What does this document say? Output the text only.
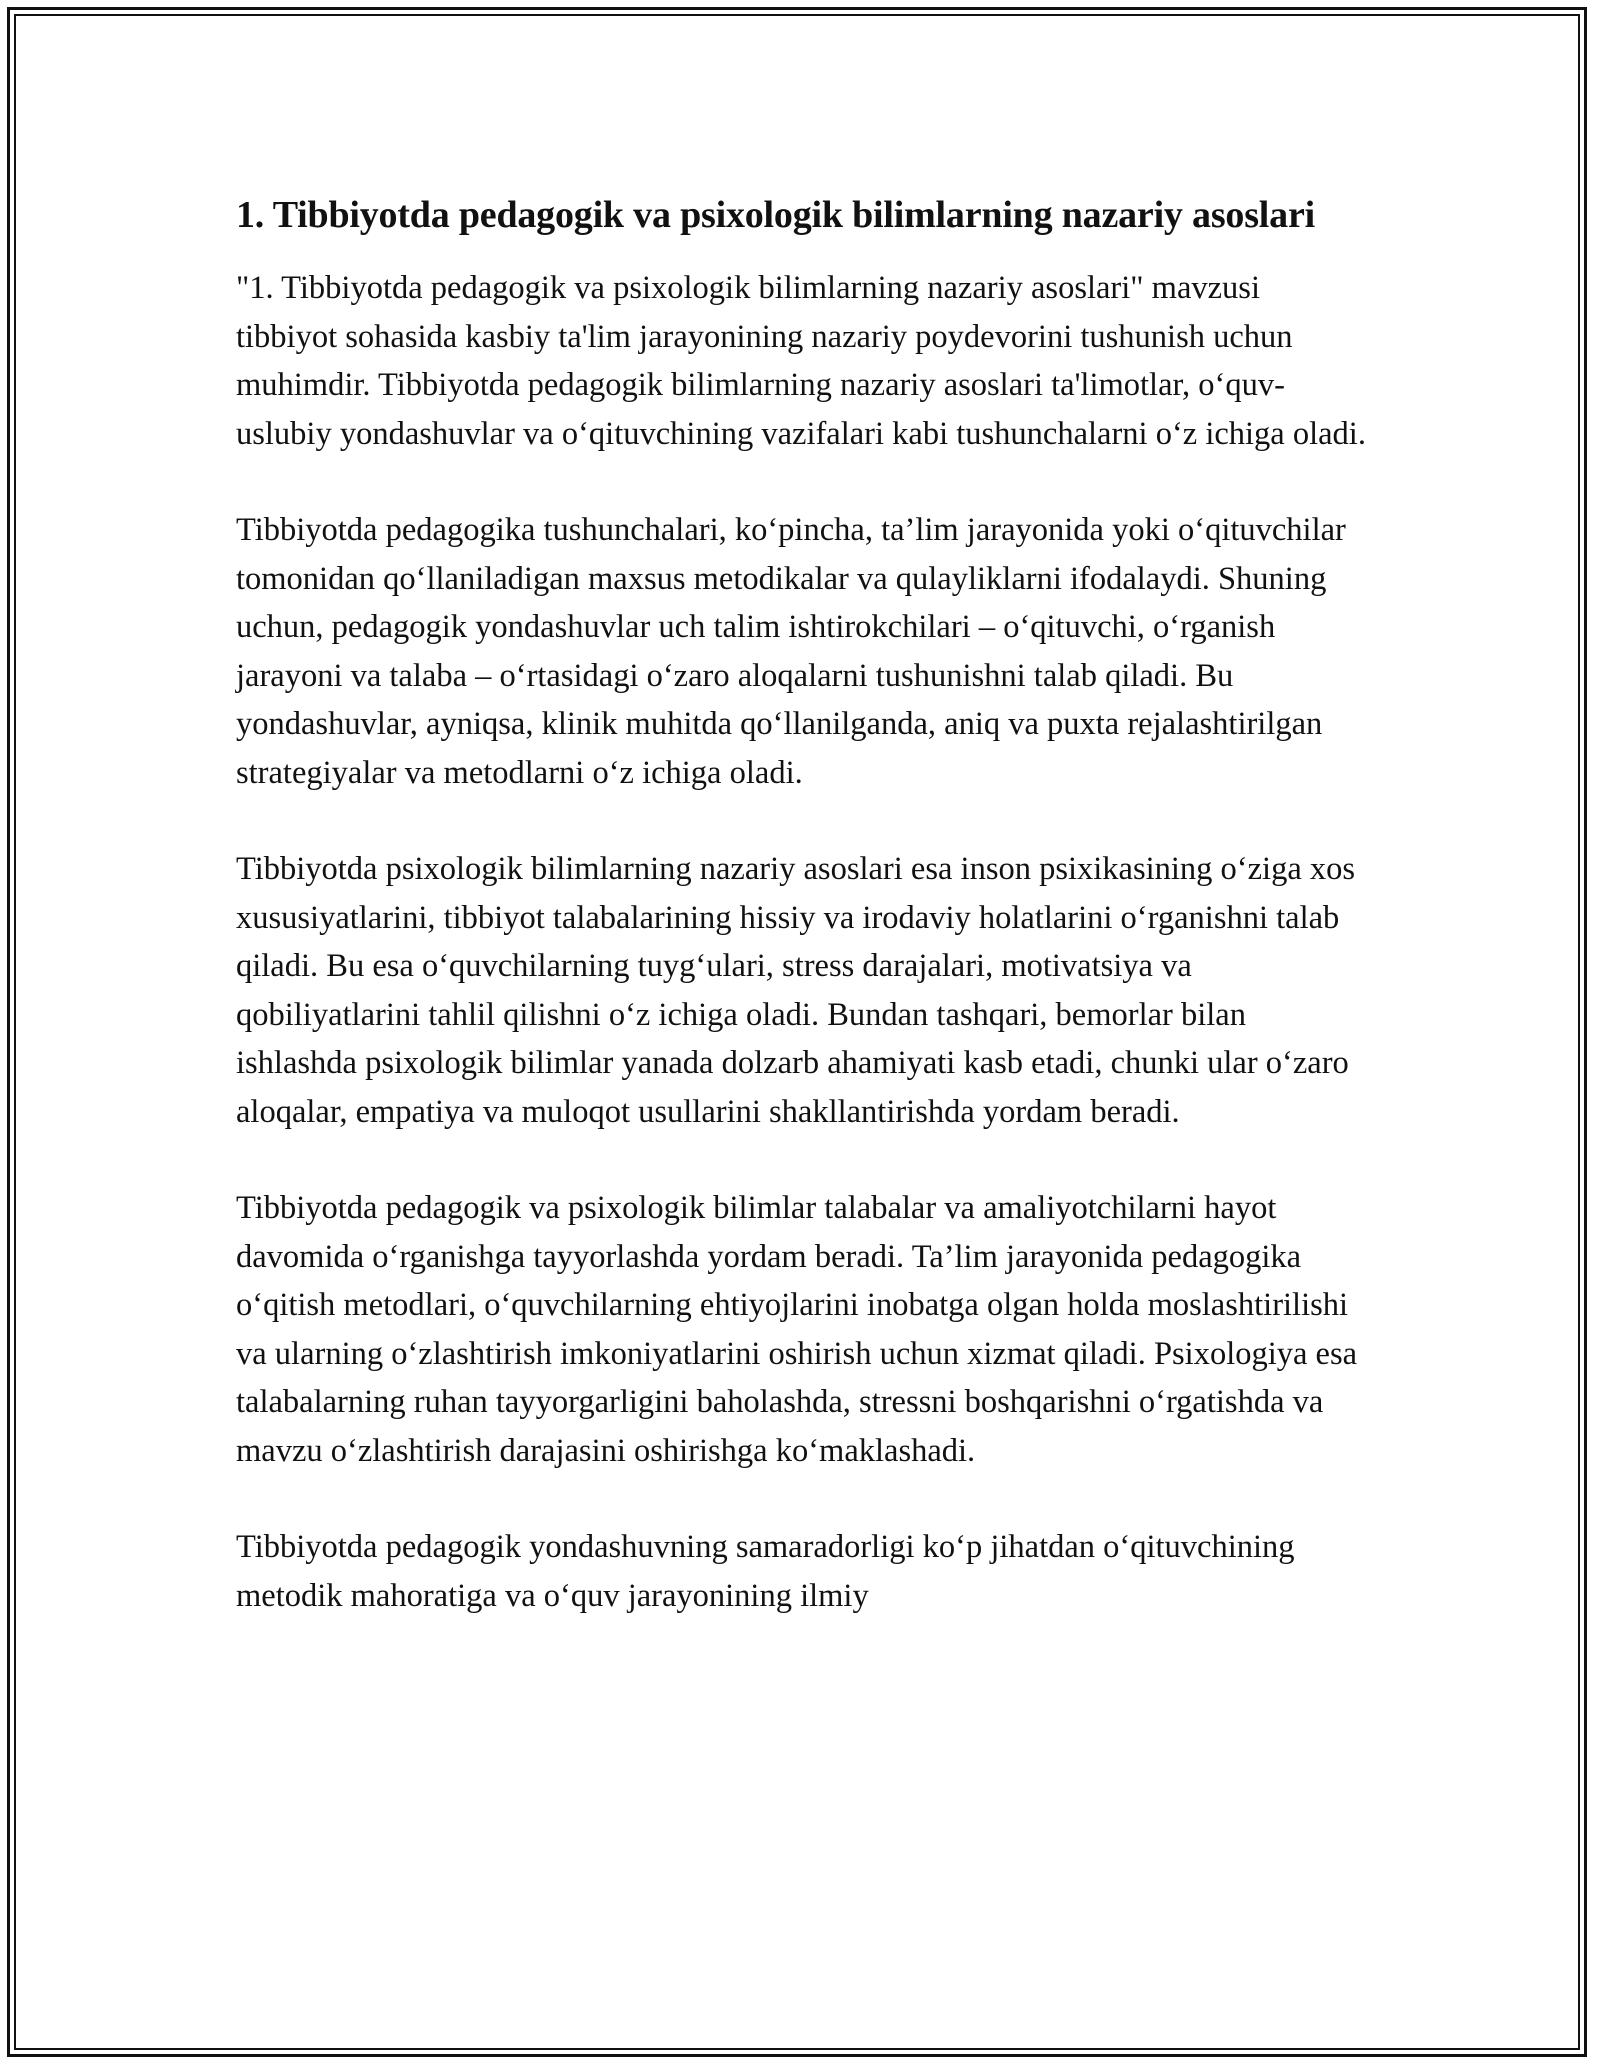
1. Tibbiyotda pedagogik va psixologik bilimlarning nazariy asoslari

"1. Tibbiyotda pedagogik va psixologik bilimlarning nazariy asoslari" mavzusi tibbiyot sohasida kasbiy ta'lim jarayonining nazariy poydevorini tushunish uchun muhimdir. Tibbiyotda pedagogik bilimlarning nazariy asoslari ta'limotlar, o‘quv-uslubiy yondashuvlar va o‘qituvchining vazifalari kabi tushunchalarni o‘z ichiga oladi.

Tibbiyotda pedagogika tushunchalari, ko‘pincha, ta’lim jarayonida yoki o‘qituvchilar tomonidan qo‘llaniladigan maxsus metodikalar va qulayliklarni ifodalaydi. Shuning uchun, pedagogik yondashuvlar uch talim ishtirokchilari – o‘qituvchi, o‘rganish jarayoni va talaba – o‘rtasidagi o‘zaro aloqalarni tushunishni talab qiladi. Bu yondashuvlar, ayniqsa, klinik muhitda qo‘llanilganda, aniq va puxta rejalashtirilgan strategiyalar va metodlarni o‘z ichiga oladi.

Tibbiyotda psixologik bilimlarning nazariy asoslari esa inson psixikasining o‘ziga xos xususiyatlarini, tibbiyot talabalarining hissiy va irodaviy holatlarini o‘rganishni talab qiladi. Bu esa o‘quvchilarning tuyg‘ulari, stress darajalari, motivatsiya va qobiliyatlarini tahlil qilishni o‘z ichiga oladi. Bundan tashqari, bemorlar bilan ishlashda psixologik bilimlar yanada dolzarb ahamiyati kasb etadi, chunki ular o‘zaro aloqalar, empatiya va muloqot usullarini shakllantirishda yordam beradi.

Tibbiyotda pedagogik va psixologik bilimlar talabalar va amaliyotchilarni hayot davomida o‘rganishga tayyorlashda yordam beradi. Ta’lim jarayonida pedagogika o‘qitish metodlari, o‘quvchilarning ehtiyojlarini inobatga olgan holda moslashtirilishi va ularning o‘zlashtirish imkoniyatlarini oshirish uchun xizmat qiladi. Psixologiya esa talabalarning ruhan tayyorgarligini baholashda, stressni boshqarishni o‘rgatishda va mavzu o‘zlashtirish darajasini oshirishga ko‘maklashadi.

Tibbiyotda pedagogik yondashuvning samaradorligi ko‘p jihatdan o‘qituvchining metodik mahoratiga va o‘quv jarayonining ilmiy
